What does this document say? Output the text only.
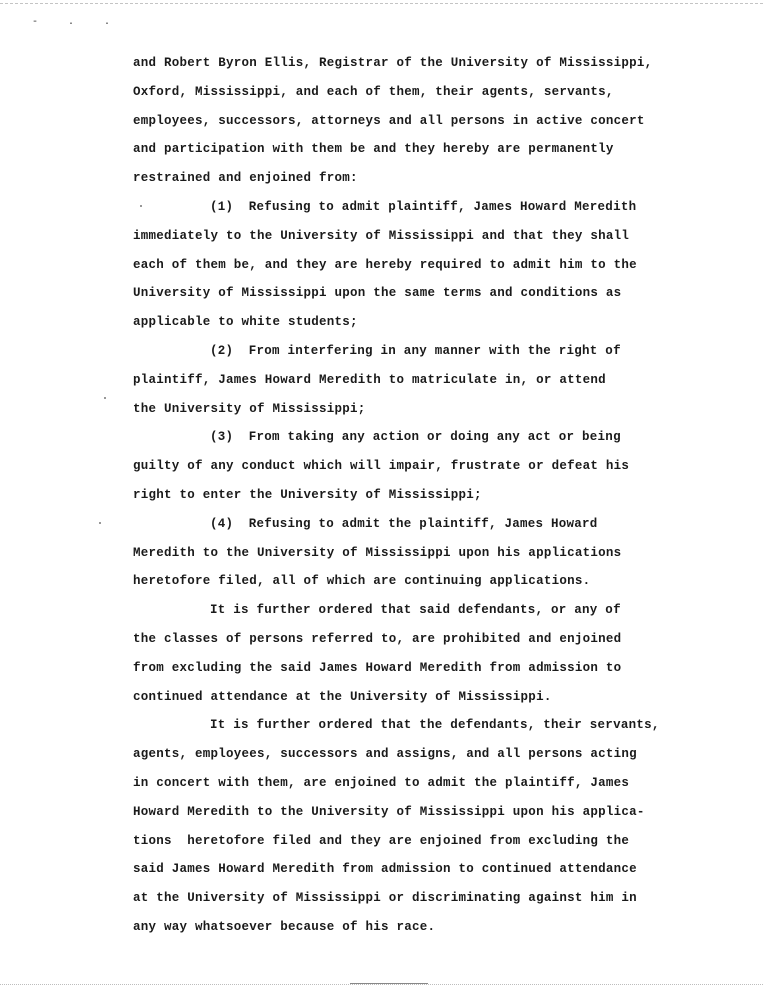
- . .
and Robert Byron Ellis, Registrar of the University of Mississippi,
Oxford, Mississippi, and each of them, their agents, servants,
employees, successors, attorneys and all persons in active concert
and participation with them be and they hereby are permanently
restrained and enjoined from:
(1)  Refusing to admit plaintiff, James Howard Meredith
immediately to the University of Mississippi and that they shall
each of them be, and they are hereby required to admit him to the
University of Mississippi upon the same terms and conditions as
applicable to white students;
(2)  From interfering in any manner with the right of
plaintiff, James Howard Meredith to matriculate in, or attend
the University of Mississippi;
(3)  From taking any action or doing any act or being
guilty of any conduct which will impair, frustrate or defeat his
right to enter the University of Mississippi;
(4)  Refusing to admit the plaintiff, James Howard
Meredith to the University of Mississippi upon his applications
heretofore filed, all of which are continuing applications.
It is further ordered that said defendants, or any of
the classes of persons referred to, are prohibited and enjoined
from excluding the said James Howard Meredith from admission to
continued attendance at the University of Mississippi.
It is further ordered that the defendants, their servants,
agents, employees, successors and assigns, and all persons acting
in concert with them, are enjoined to admit the plaintiff, James
Howard Meredith to the University of Mississippi upon his applica-
tions  heretofore filed and they are enjoined from excluding the
said James Howard Meredith from admission to continued attendance
at the University of Mississippi or discriminating against him in
any way whatsoever because of his race.
